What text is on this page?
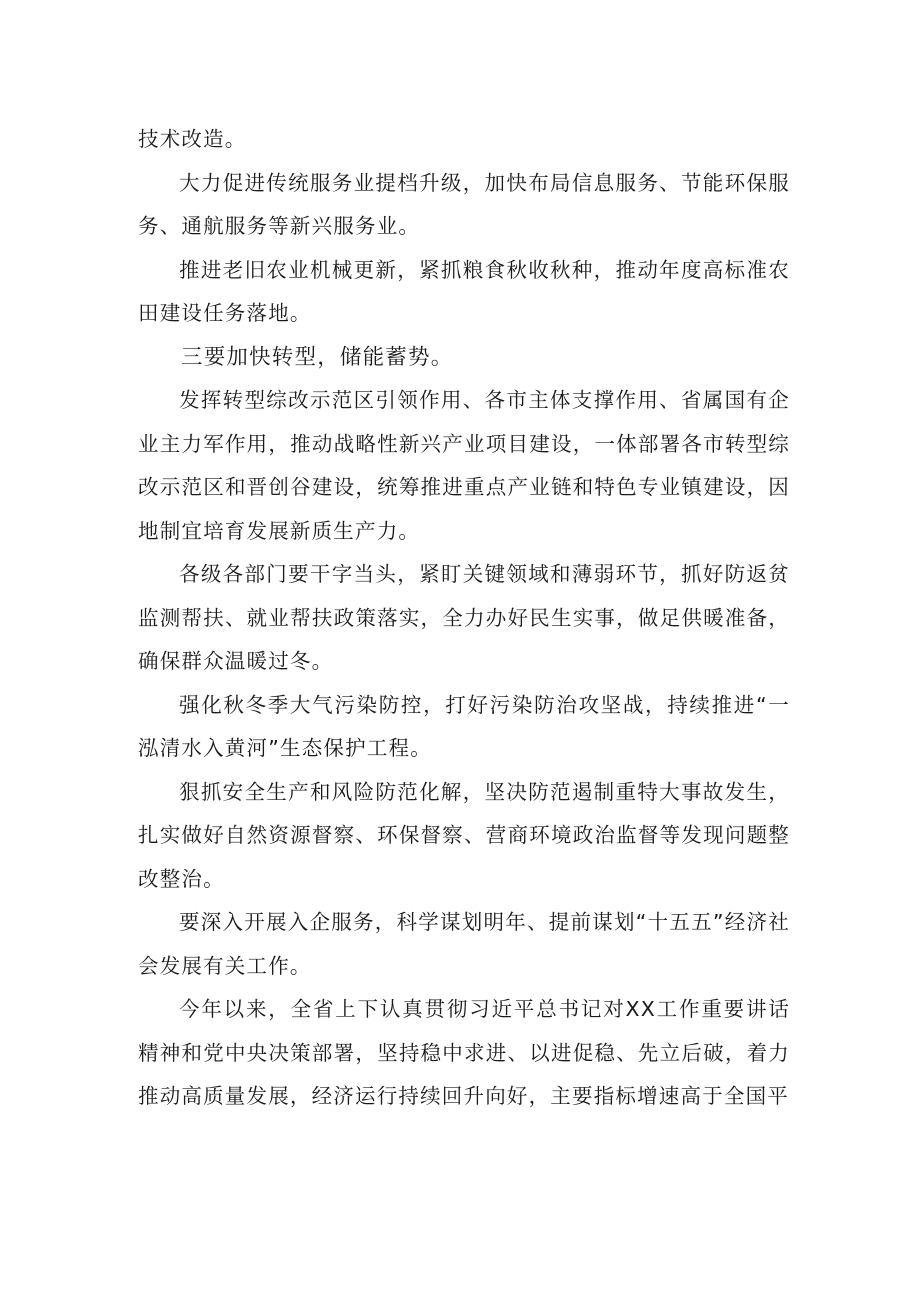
技术改造。

大力促进传统服务业提档升级，加快布局信息服务、节能环保服务、通航服务等新兴服务业。

推进老旧农业机械更新，紧抓粮食秋收秋种，推动年度高标准农田建设任务落地。

三要加快转型，储能蓄势。

发挥转型综改示范区引领作用、各市主体支撑作用、省属国有企业主力军作用，推动战略性新兴产业项目建设，一体部署各市转型综改示范区和晋创谷建设，统筹推进重点产业链和特色专业镇建设，因地制宜培育发展新质生产力。

各级各部门要干字当头，紧盯关键领域和薄弱环节，抓好防返贫监测帮扶、就业帮扶政策落实，全力办好民生实事，做足供暖准备，确保群众温暖过冬。

强化秋冬季大气污染防控，打好污染防治攻坚战，持续推进“一泓清水入黄河”生态保护工程。

狠抓安全生产和风险防范化解，坚决防范遏制重特大事故发生，扎实做好自然资源督察、环保督察、营商环境政治监督等发现问题整改整治。

要深入开展入企服务，科学谋划明年、提前谋划“十五五”经济社会发展有关工作。

今年以来，全省上下认真贯彻习近平总书记对XX工作重要讲话精神和党中央决策部署，坚持稳中求进、以进促稳、先立后破，着力推动高质量发展，经济运行持续回升向好，主要指标增速高于全国平
